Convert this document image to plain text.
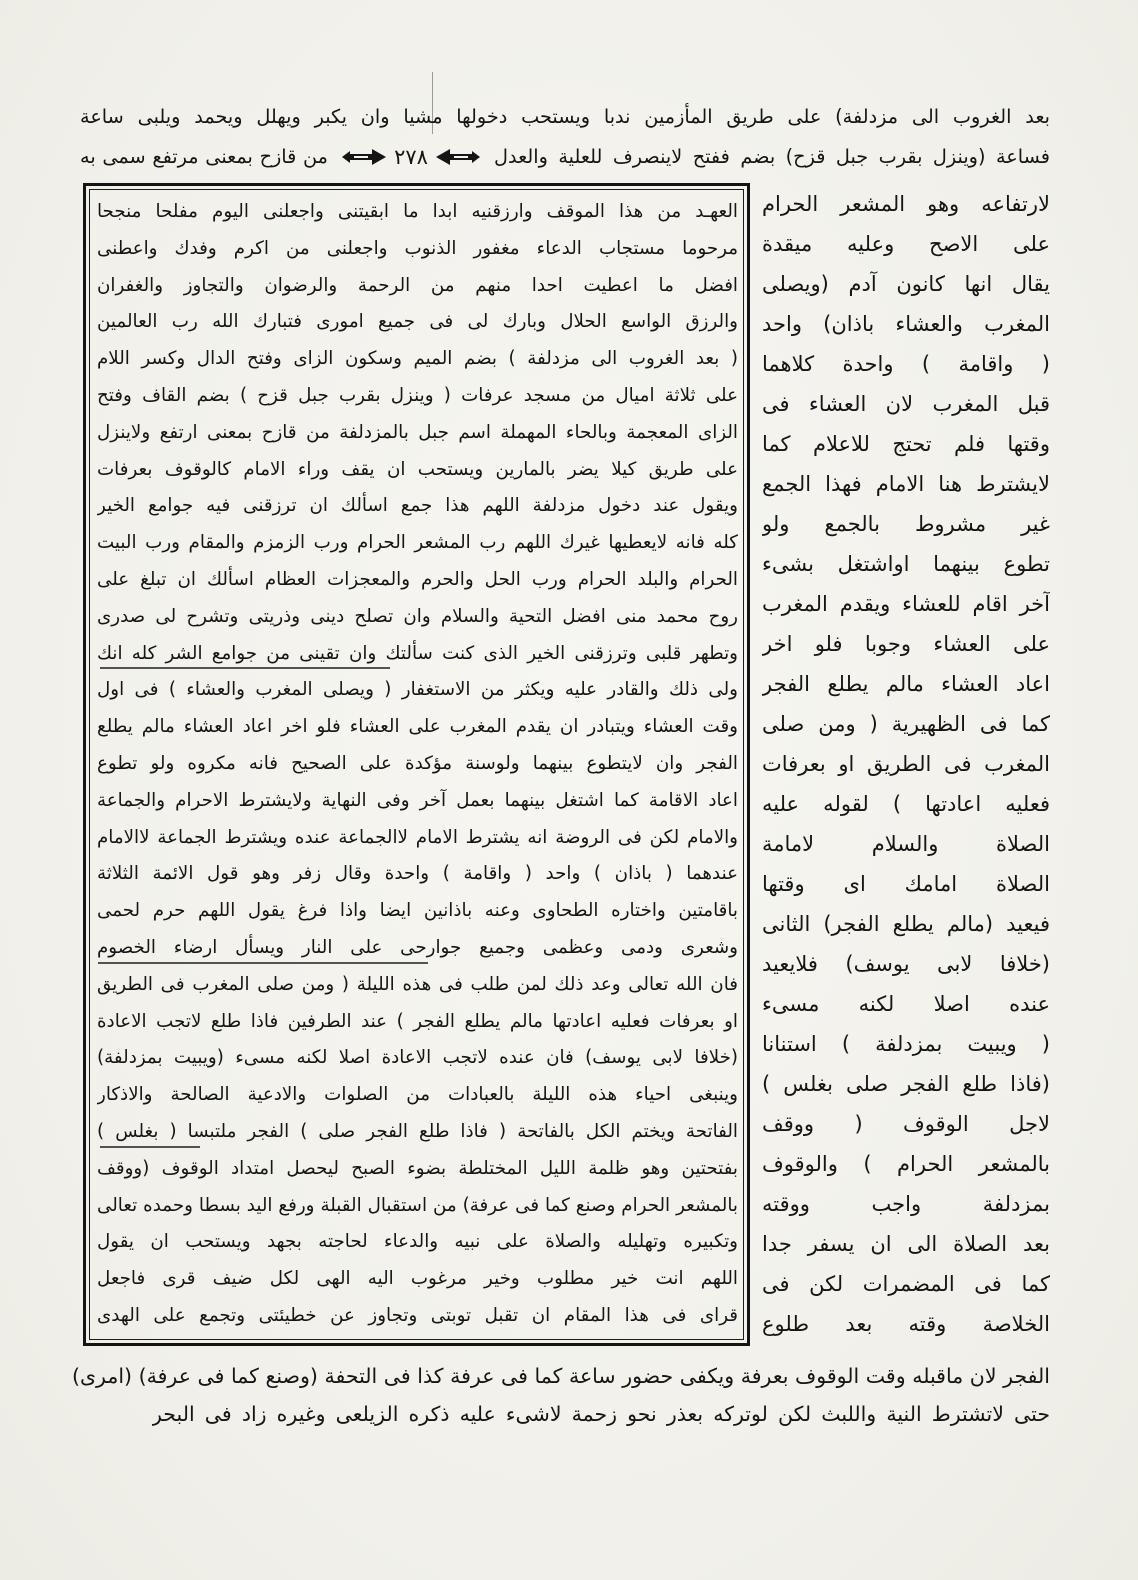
بعد الغروب الى مزدلفة) على طريق المأزمين ندبا ويستحب دخولها مشيا وان يكبر ويهلل ويحمد ويلبى ساعة
فساعة (وينزل بقرب جبل قزح) بضم ففتح لاينصرف للعلية والعدل
٢٧٨
من قازح بمعنى مرتفع سمى به
العهـد من هذا الموقف وارزقنيه ابدا ما ابقيتنى واجعلنى اليوم مفلحا منجحا
مرحوما مستجاب الدعاء مغفور الذنوب واجعلنى من اكرم وفدك واعطنى
افضل ما اعطيت احدا منهم من الرحمة والرضوان والتجاوز والغفران
والرزق الواسع الحلال وبارك لى فى جميع امورى فتبارك الله رب العالمين
( بعد الغروب الى مزدلفة ) بضم الميم وسكون الزاى وفتح الدال وكسر اللام
على ثلاثة اميال من مسجد عرفات ( وينزل بقرب جبل قزح ) بضم القاف وفتح
الزاى المعجمة وبالحاء المهملة اسم جبل بالمزدلفة من قازح بمعنى ارتفع ولاينزل
على طريق كيلا يضر بالمارين ويستحب ان يقف وراء الامام كالوقوف بعرفات
ويقول عند دخول مزدلفة اللهم هذا جمع اسألك ان ترزقنى فيه جوامع الخير
كله فانه لايعطيها غيرك اللهم رب المشعر الحرام ورب الزمزم والمقام ورب البيت
الحرام والبلد الحرام ورب الحل والحرم والمعجزات العظام اسألك ان تبلغ على
روح محمد منى افضل التحية والسلام وان تصلح دينى وذريتى وتشرح لى صدرى
وتطهر قلبى وترزقنى الخير الذى كنت سألتك وان تقينى من جوامع الشر كله انك
ولى ذلك والقادر عليه ويكثر من الاستغفار ( ويصلى المغرب والعشاء ) فى اول
وقت العشاء ويتبادر ان يقدم المغرب على العشاء فلو اخر اعاد العشاء مالم يطلع
الفجر وان لايتطوع بينهما ولوسنة مؤكدة على الصحيح فانه مكروه ولو تطوع
اعاد الاقامة كما اشتغل بينهما بعمل آخر وفى النهاية ولايشترط الاحرام والجماعة
والامام لكن فى الروضة انه يشترط الامام لاالجماعة عنده ويشترط الجماعة لاالامام
عندهما ( باذان ) واحد ( واقامة ) واحدة وقال زفر وهو قول الائمة الثلاثة
باقامتين واختاره الطحاوى وعنه باذانين ايضا واذا فرغ يقول اللهم حرم لحمى
وشعرى ودمى وعظمى وجميع جوارحى على النار ويسأل ارضاء الخصوم
فان الله تعالى وعد ذلك لمن طلب فى هذه الليلة ( ومن صلى المغرب فى الطريق
او بعرفات فعليه اعادتها مالم يطلع الفجر ) عند الطرفين فاذا طلع لاتجب الاعادة
(خلافا لابى يوسف) فان عنده لاتجب الاعادة اصلا لكنه مسىء (ويبيت بمزدلفة)
وينبغى احياء هذه الليلة بالعبادات من الصلوات والادعية الصالحة والاذكار
الفاتحة ويختم الكل بالفاتحة ( فاذا طلع الفجر صلى ) الفجر ملتبسا ( بغلس )
بفتحتين وهو ظلمة الليل المختلطة بضوء الصبح ليحصل امتداد الوقوف (ووقف
بالمشعر الحرام وصنع كما فى عرفة) من استقبال القبلة ورفع اليد بسطا وحمده تعالى
وتكبيره وتهليله والصلاة على نبيه والدعاء لحاجته بجهد ويستحب ان يقول
اللهم انت خير مطلوب وخير مرغوب اليه الهى لكل ضيف قرى فاجعل
قراى فى هذا المقام ان تقبل توبتى وتجاوز عن خطيئتى وتجمع على الهدى
لارتفاعه وهو المشعر الحرام
على الاصح وعليه ميقدة
يقال انها كانون آدم (ويصلى
المغرب والعشاء باذان) واحد
( واقامة ) واحدة كلاهما
قبل المغرب لان العشاء فى
وقتها فلم تحتج للاعلام كما
لايشترط هنا الامام فهذا الجمع
غير مشروط بالجمع ولو
تطوع بينهما اواشتغل بشىء
آخر اقام للعشاء ويقدم المغرب
على العشاء وجوبا فلو اخر
اعاد العشاء مالم يطلع الفجر
كما فى الظهيرية ( ومن صلى
المغرب فى الطريق او بعرفات
فعليه اعادتها ) لقوله عليه
الصلاة والسلام لامامة
الصلاة امامك اى وقتها
فيعيد (مالم يطلع الفجر) الثانى
(خلافا لابى يوسف) فلايعيد
عنده اصلا لكنه مسىء
( ويبيت بمزدلفة ) استنانا
(فاذا طلع الفجر صلى بغلس )
لاجل الوقوف ( ووقف
بالمشعر الحرام ) والوقوف
بمزدلفة واجب ووقته
بعد الصلاة الى ان يسفر جدا
كما فى المضمرات لكن فى
الخلاصة وقته بعد طلوع
الفجر لان ماقبله وقت الوقوف بعرفة ويكفى حضور ساعة كما فى عرفة كذا فى التحفة (وصنع كما فى عرفة) (امرى)
حتى لاتشترط النية واللبث لكن لوتركه بعذر نحو زحمة لاشىء عليه ذكره الزيلعى وغيره زاد فى البحر
